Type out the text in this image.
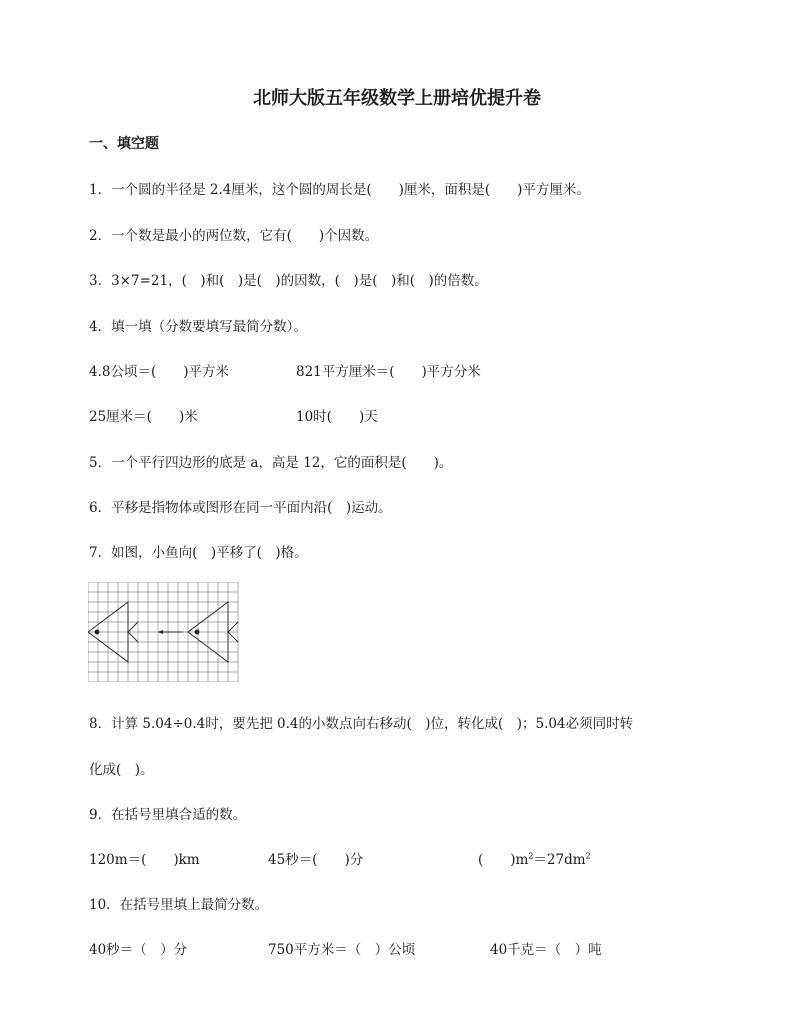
北师大版五年级数学上册培优提升卷
一、填空题
1．一个圆的半径是 2.4厘米，这个圆的周长是(　　)厘米，面积是(　　)平方厘米。
2．一个数是最小的两位数，它有(　　)个因数。
3．3×7=21，(　)和(　)是(　)的因数，(　)是(　)和(　)的倍数。
4．填一填（分数要填写最简分数）。
4.8公顷＝(　　)平方米	821平方厘米＝(　　)平方分米
25厘米＝(　　)米	10时(　　)天
5．一个平行四边形的底是 a，高是 12，它的面积是(　　)。
6．平移是指物体或图形在同一平面内沿(　)运动。
7．如图，小鱼向(　)平移了(　)格。
8．计算 5.04÷0.4时，要先把 0.4的小数点向右移动(　)位，转化成(　)；5.04必须同时转
化成(　)。
9．在括号里填合适的数。
120m＝(　　)km	45秒＝(　　)分	(　　)$m^2=27dm^2$
10．在括号里填上最简分数。
40秒＝（　）分	750平方米＝（　）公顷	40千克＝（　）吨
